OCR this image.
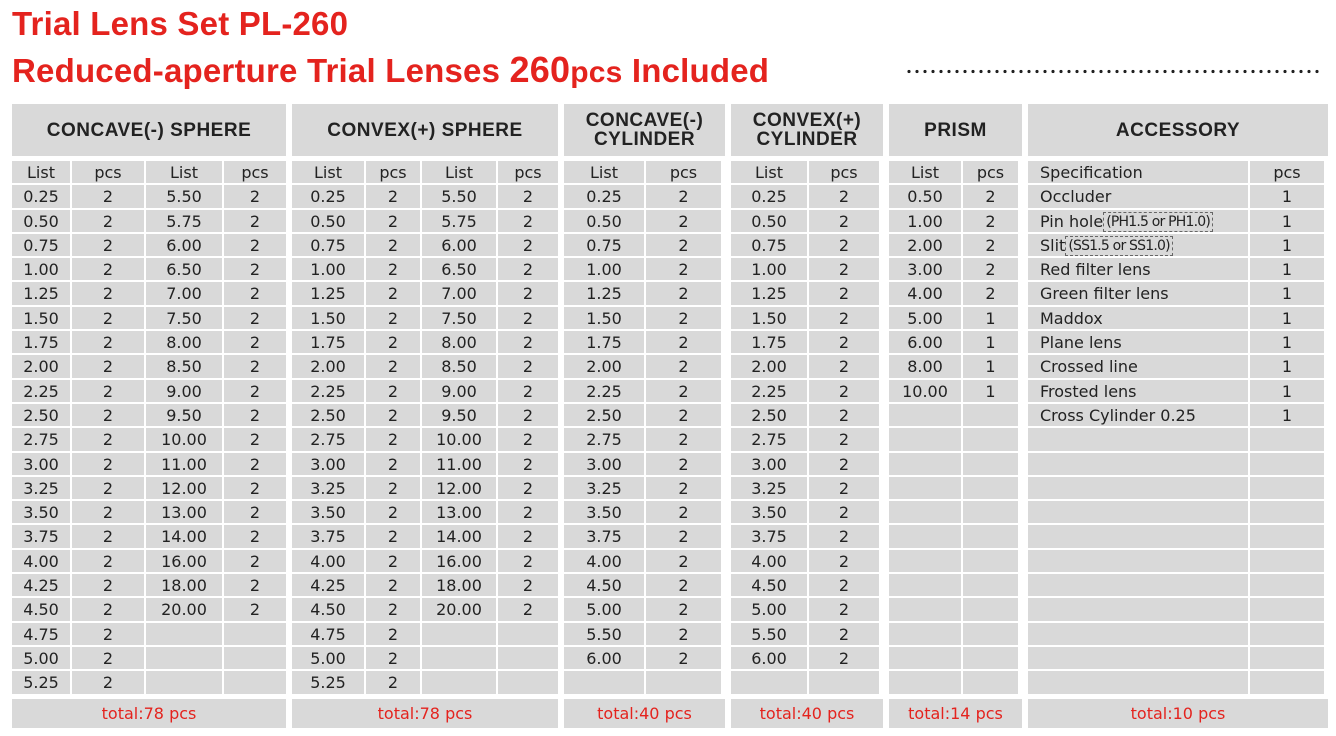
Trial Lens Set PL-260
Reduced-aperture Trial Lenses 260pcs Included
CONCAVE(-) SPHERE
List	pcs	List	pcs
0.25	2	5.50	2
0.50	2	5.75	2
0.75	2	6.00	2
1.00	2	6.50	2
1.25	2	7.00	2
1.50	2	7.50	2
1.75	2	8.00	2
2.00	2	8.50	2
2.25	2	9.00	2
2.50	2	9.50	2
2.75	2	10.00	2
3.00	2	11.00	2
3.25	2	12.00	2
3.50	2	13.00	2
3.75	2	14.00	2
4.00	2	16.00	2
4.25	2	18.00	2
4.50	2	20.00	2
4.75	2
5.00	2
5.25	2
total:78 pcs
CONVEX(+) SPHERE
List	pcs	List	pcs
0.25	2	5.50	2
0.50	2	5.75	2
0.75	2	6.00	2
1.00	2	6.50	2
1.25	2	7.00	2
1.50	2	7.50	2
1.75	2	8.00	2
2.00	2	8.50	2
2.25	2	9.00	2
2.50	2	9.50	2
2.75	2	10.00	2
3.00	2	11.00	2
3.25	2	12.00	2
3.50	2	13.00	2
3.75	2	14.00	2
4.00	2	16.00	2
4.25	2	18.00	2
4.50	2	20.00	2
4.75	2
5.00	2
5.25	2
total:78 pcs
CONCAVE(-)
CYLINDER
List	pcs
0.25	2
0.50	2
0.75	2
1.00	2
1.25	2
1.50	2
1.75	2
2.00	2
2.25	2
2.50	2
2.75	2
3.00	2
3.25	2
3.50	2
3.75	2
4.00	2
4.50	2
5.00	2
5.50	2
6.00	2
total:40 pcs
CONVEX(+)
CYLINDER
List	pcs
0.25	2
0.50	2
0.75	2
1.00	2
1.25	2
1.50	2
1.75	2
2.00	2
2.25	2
2.50	2
2.75	2
3.00	2
3.25	2
3.50	2
3.75	2
4.00	2
4.50	2
5.00	2
5.50	2
6.00	2
total:40 pcs
PRISM
List	pcs
0.50	2
1.00	2
2.00	2
3.00	2
4.00	2
5.00	1
6.00	1
8.00	1
10.00	1
total:14 pcs
ACCESSORY
Specification	pcs
Occluder	1
Pin hole (PH1.5 or PH1.0)	1
Slit (SS1.5 or SS1.0)	1
Red filter lens	1
Green filter lens	1
Maddox	1
Plane lens	1
Crossed line	1
Frosted lens	1
Cross Cylinder 0.25	1
total:10 pcs
